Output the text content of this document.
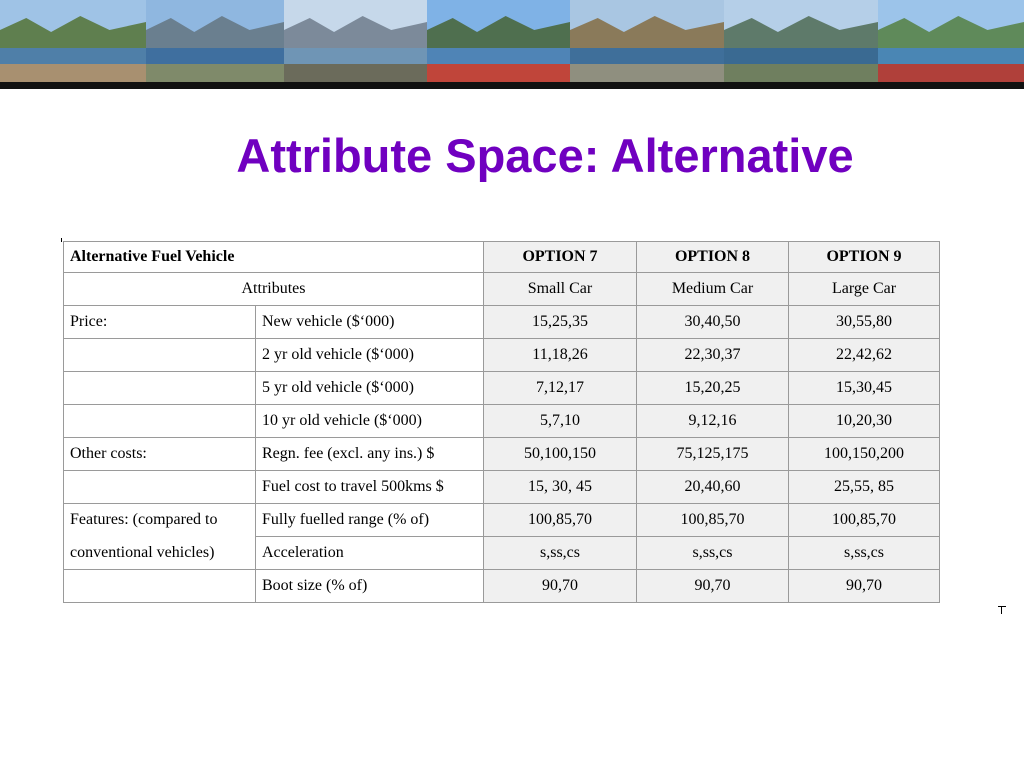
Attribute Space: Alternative
Alternative Fuel Vehicle		OPTION 7	OPTION 8	OPTION 9
Attributes		Small Car	Medium Car	Large Car
Price:	New vehicle ($‘000)	15,25,35	30,40,50	30,55,80
	2 yr old vehicle ($‘000)	11,18,26	22,30,37	22,42,62
	5 yr old vehicle ($‘000)	7,12,17	15,20,25	15,30,45
	10 yr old vehicle ($‘000)	5,7,10	9,12,16	10,20,30
Other costs:	Regn. fee (excl. any ins.) $	50,100,150	75,125,175	100,150,200
	Fuel cost to travel 500kms $	15, 30, 45	20,40,60	25,55, 85
Features: (compared to	Fully fuelled range (% of)	100,85,70	100,85,70	100,85,70
conventional vehicles)	Acceleration	s,ss,cs	s,ss,cs	s,ss,cs
	Boot size (% of)	90,70	90,70	90,70
